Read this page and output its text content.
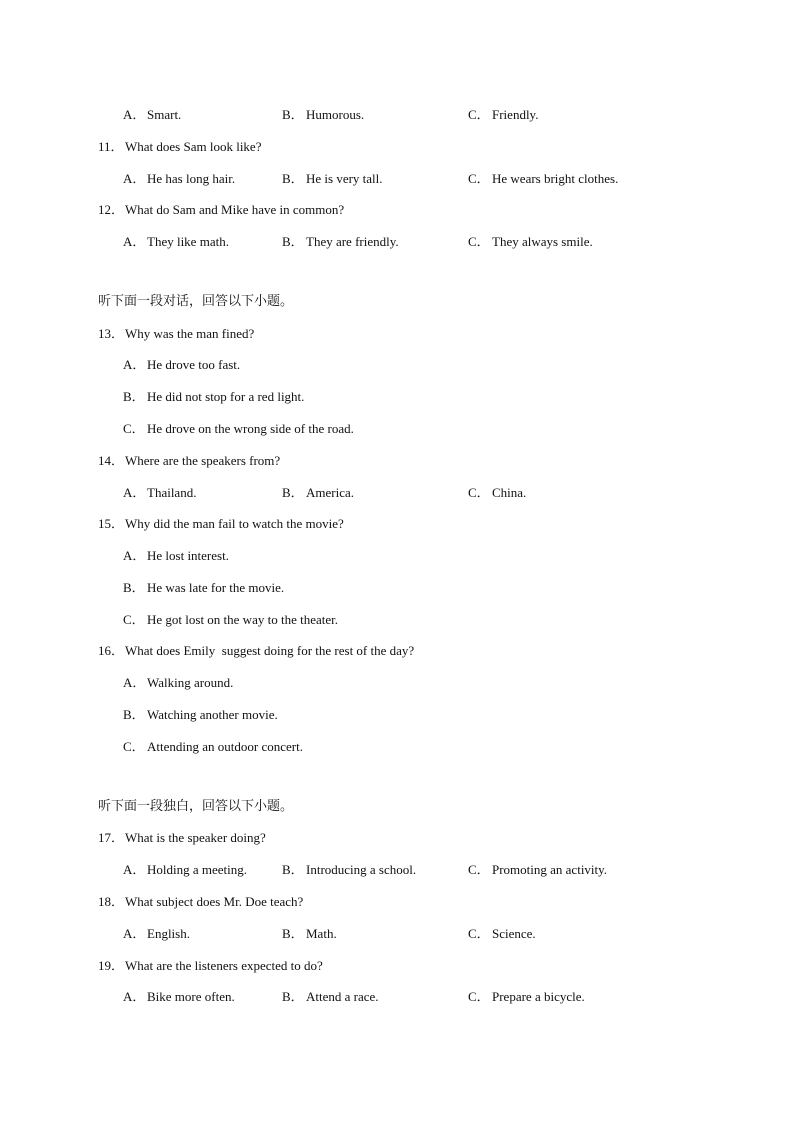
A． Smart.	B． Humorous.	C． Friendly.
11．What does Sam look like?
A． He has long hair.	B． He is very tall.	C． He wears bright clothes.
12．What do Sam and Mike have in common?
A． They like math.	B． They are friendly.	C． They always smile.
听下面一段对话，回答以下小题。
13．Why was the man fined?
A． He drove too fast.
B． He did not stop for a red light.
C． He drove on the wrong side of the road.
14．Where are the speakers from?
A． Thailand.	B． America.	C． China.
15．Why did the man fail to watch the movie?
A． He lost interest.
B． He was late for the movie.
C． He got lost on the way to the theater.
16．What does Emily  suggest doing for the rest of the day?
A． Walking around.
B． Watching another movie.
C． Attending an outdoor concert.
听下面一段独白，回答以下小题。
17．What is the speaker doing?
A． Holding a meeting.	B． Introducing a school.	C． Promoting an activity.
18．What subject does Mr. Doe teach?
A． English.	B． Math.	C． Science.
19．What are the listeners expected to do?
A． Bike more often.	B． Attend a race.	C． Prepare a bicycle.
